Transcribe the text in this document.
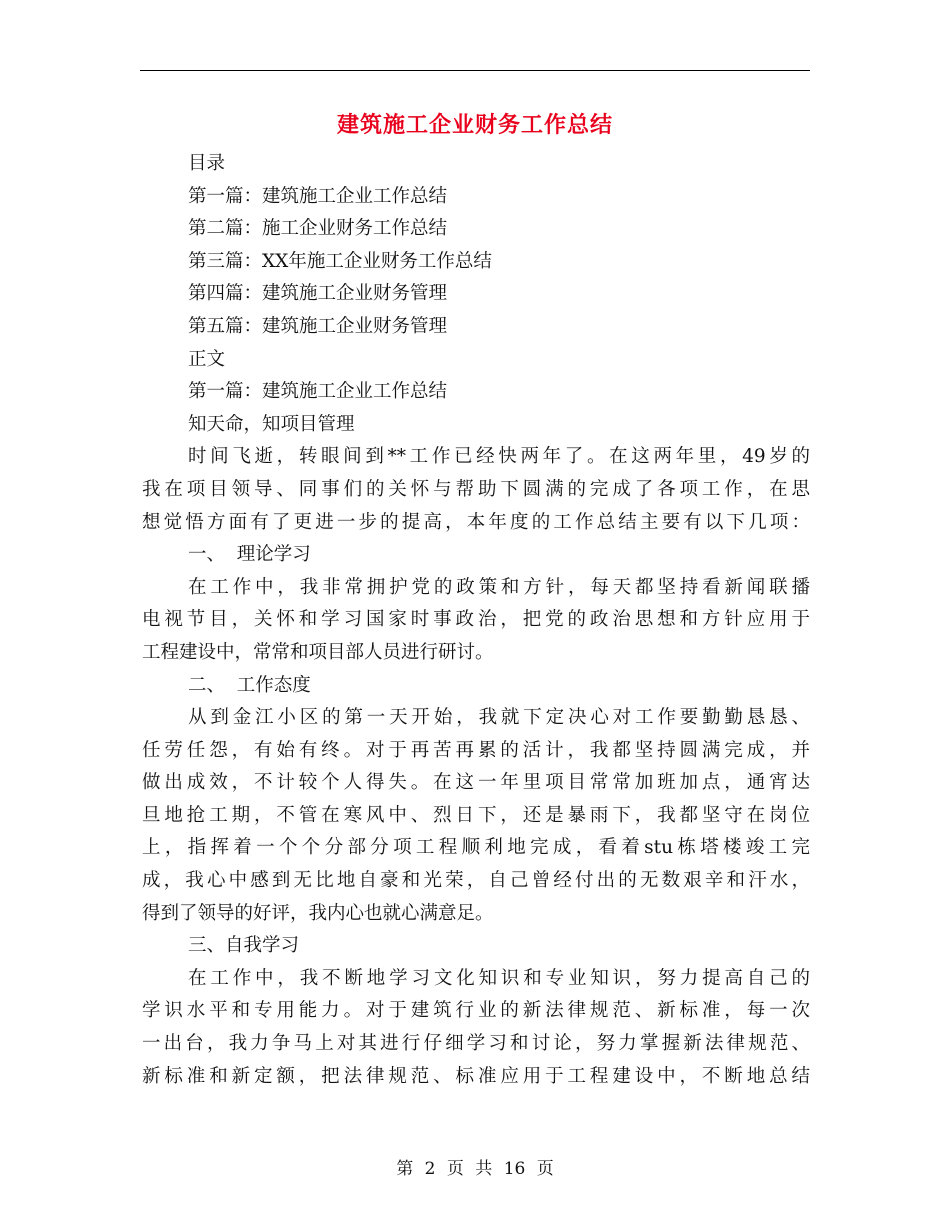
建筑施工企业财务工作总结
目录
第一篇：建筑施工企业工作总结
第二篇：施工企业财务工作总结
第三篇：XX年施工企业财务工作总结
第四篇：建筑施工企业财务管理
第五篇：建筑施工企业财务管理
正文
第一篇：建筑施工企业工作总结
知天命，知项目管理
时间飞逝，转眼间到**工作已经快两年了。在这两年里，49岁的
我在项目领导、同事们的关怀与帮助下圆满的完成了各项工作，在思
想觉悟方面有了更进一步的提高，本年度的工作总结主要有以下几项：
一、  理论学习
在工作中，我非常拥护党的政策和方针，每天都坚持看新闻联播
电视节目，关怀和学习国家时事政治，把党的政治思想和方针应用于
工程建设中，常常和项目部人员进行研讨。
二、  工作态度
从到金江小区的第一天开始，我就下定决心对工作要勤勤恳恳、
任劳任怨，有始有终。对于再苦再累的活计，我都坚持圆满完成，并
做出成效，不计较个人得失。在这一年里项目常常加班加点，通宵达
旦地抢工期，不管在寒风中、烈日下，还是暴雨下，我都坚守在岗位
上，指挥着一个个分部分项工程顺利地完成，看着stu栋塔楼竣工完
成，我心中感到无比地自豪和光荣，自己曾经付出的无数艰辛和汗水，
得到了领导的好评，我内心也就心满意足。
三、自我学习
在工作中，我不断地学习文化知识和专业知识，努力提高自己的
学识水平和专用能力。对于建筑行业的新法律规范、新标准，每一次
一出台，我力争马上对其进行仔细学习和讨论，努力掌握新法律规范、
新标准和新定额，把法律规范、标准应用于工程建设中，不断地总结
第 2 页 共 16 页
